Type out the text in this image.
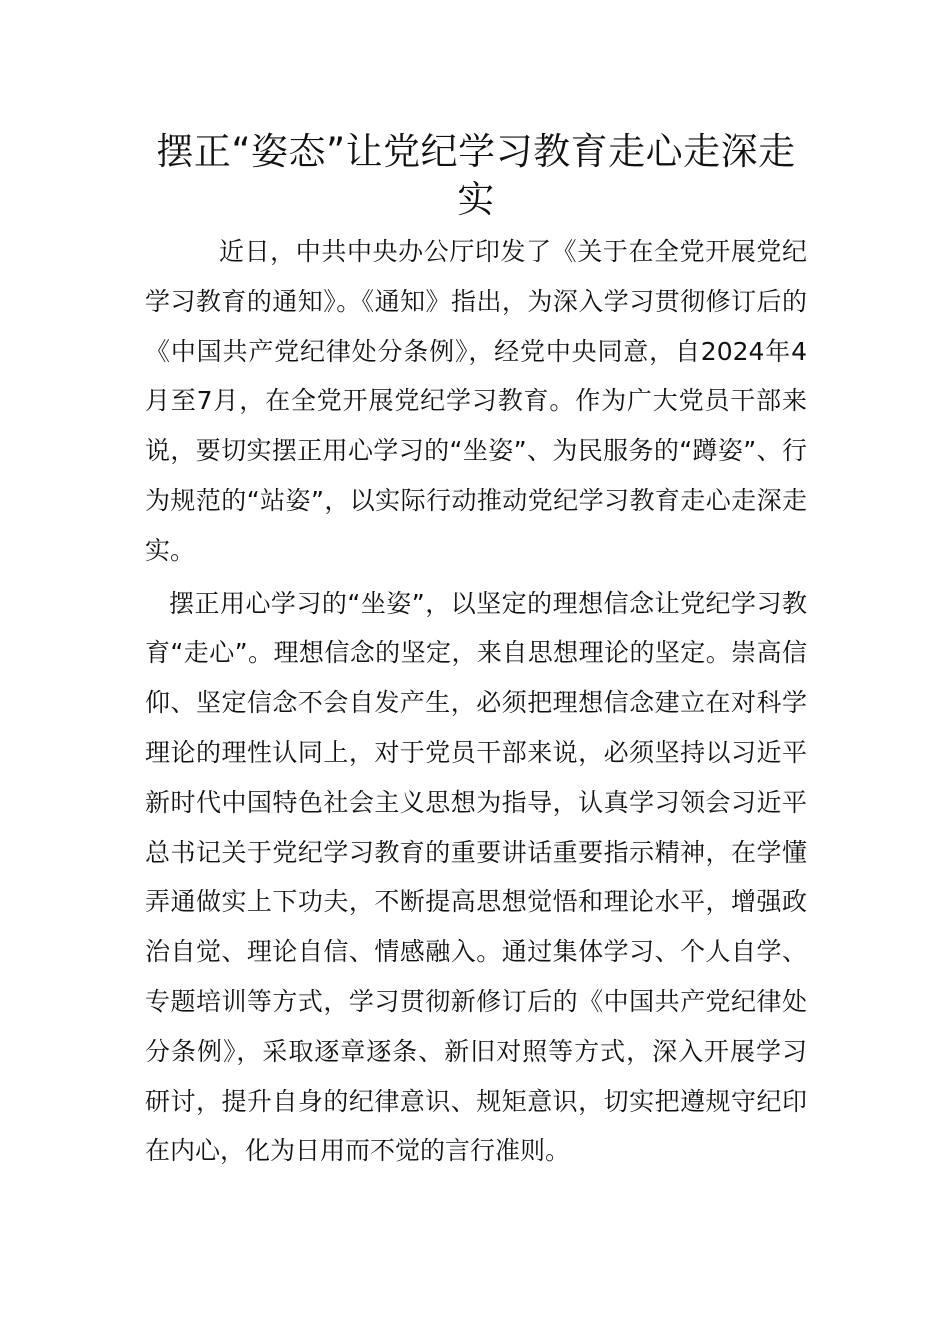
摆正“姿态”让党纪学习教育走心走深走实

近日，中共中央办公厅印发了《关于在全党开展党纪学习教育的通知》。《通知》指出，为深入学习贯彻修订后的《中国共产党纪律处分条例》，经党中央同意，自2024年4月至7月，在全党开展党纪学习教育。作为广大党员干部来说，要切实摆正用心学习的“坐姿”、为民服务的“蹲姿”、行为规范的“站姿”，以实际行动推动党纪学习教育走心走深走实。

摆正用心学习的“坐姿”，以坚定的理想信念让党纪学习教育“走心”。理想信念的坚定，来自思想理论的坚定。崇高信仰、坚定信念不会自发产生，必须把理想信念建立在对科学理论的理性认同上，对于党员干部来说，必须坚持以习近平新时代中国特色社会主义思想为指导，认真学习领会习近平总书记关于党纪学习教育的重要讲话重要指示精神，在学懂弄通做实上下功夫，不断提高思想觉悟和理论水平，增强政治自觉、理论自信、情感融入。通过集体学习、个人自学、专题培训等方式，学习贯彻新修订后的《中国共产党纪律处分条例》，采取逐章逐条、新旧对照等方式，深入开展学习研讨，提升自身的纪律意识、规矩意识，切实把遵规守纪印在内心，化为日用而不觉的言行准则。
